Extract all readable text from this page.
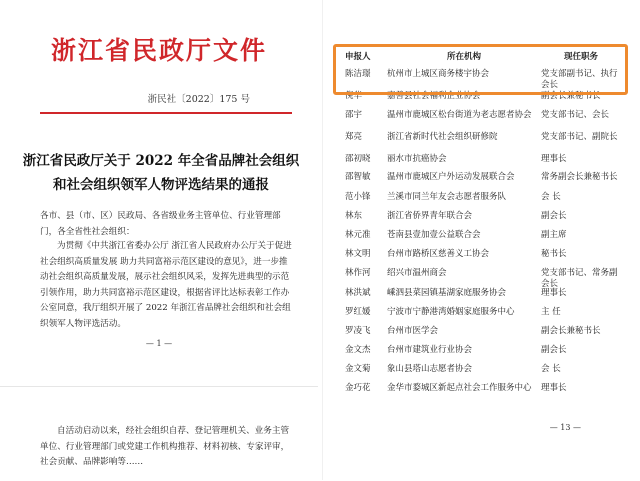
浙江省民政厅文件
浙民社〔2022〕175 号
浙江省民政厅关于 2022 年全省品牌社会组织
和社会组织领军人物评选结果的通报
各市、县（市、区）民政局、各省级业务主管单位、行业管理部门，各全省性社会组织：
为贯彻《中共浙江省委办公厅 浙江省人民政府办公厅关于促进社会组织高质量发展 助力共同富裕示范区建设的意见》，进一步推动社会组织高质量发展，展示社会组织风采，发挥先进典型的示范引领作用，助力共同富裕示范区建设，根据省评比达标表彰工作办公室同意，我厅组织开展了 2022 年浙江省品牌社会组织和社会组织领军人物评选活动。
— 1 —
自活动启动以来，经社会组织自荐、登记管理机关、业务主管单位、行业管理部门或党建工作机构推荐、材料初核、专家评审，社会贡献、品牌影响等……
申报人	所在机构	现任职务
陈洁璟	杭州市上城区商务楼宇协会	党支部副书记、执行会长
倪华	嘉善县社会福利企业协会	副会长兼秘书长
邵宇	温州市鹿城区松台街道为老志愿者协会	党支部书记、会长
郑亮	浙江省新时代社会组织研修院	党支部书记、副院长
邵初晓	丽水市抗癌协会	理事长
邵智敏	温州市鹿城区户外运动发展联合会	常务副会长兼秘书长
范小锋	兰溪市同兰年友会志愿者服务队	会 长
林东	浙江省侨界青年联合会	副会长
林元准	苍南县壹加壹公益联合会	副主席
林文明	台州市路桥区慈善义工协会	秘书长
林作河	绍兴市温州商会	党支部书记、常务副会长
林洪斌	嵊泗县菜园镇基湖家庭服务协会	理事长
罗红媛	宁波市宁静港湾婚姻家庭服务中心	主 任
罗凌飞	台州市医学会	副会长兼秘书长
金文杰	台州市建筑业行业协会	副会长
金文菊	象山县塔山志愿者协会	会 长
金巧花	金华市婺城区新起点社会工作服务中心	理事长
— 13 —
